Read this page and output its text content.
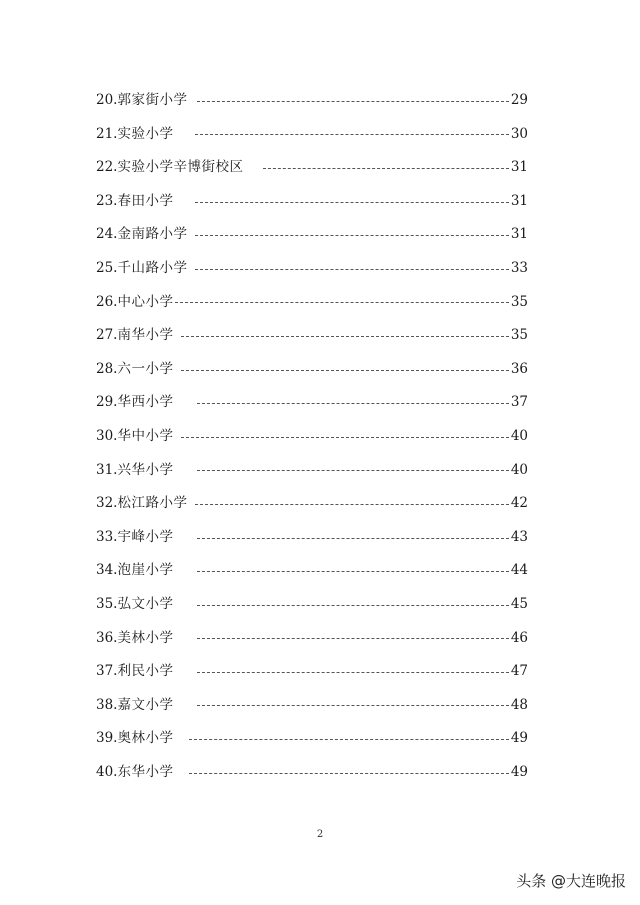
20. 郭家街小学	29
21. 实验小学	30
22. 实验小学辛博街校区	31
23. 春田小学	31
24. 金南路小学	31
25. 千山路小学	33
26. 中心小学	35
27. 南华小学	35
28. 六一小学	36
29. 华西小学	37
30. 华中小学	40
31. 兴华小学	40
32. 松江路小学	42
33. 宇峰小学	43
34. 泡崖小学	44
35. 弘文小学	45
36. 美林小学	46
37. 利民小学	47
38. 嘉文小学	48
39. 奥林小学	49
40. 东华小学	49
2
头条 @大连晚报
